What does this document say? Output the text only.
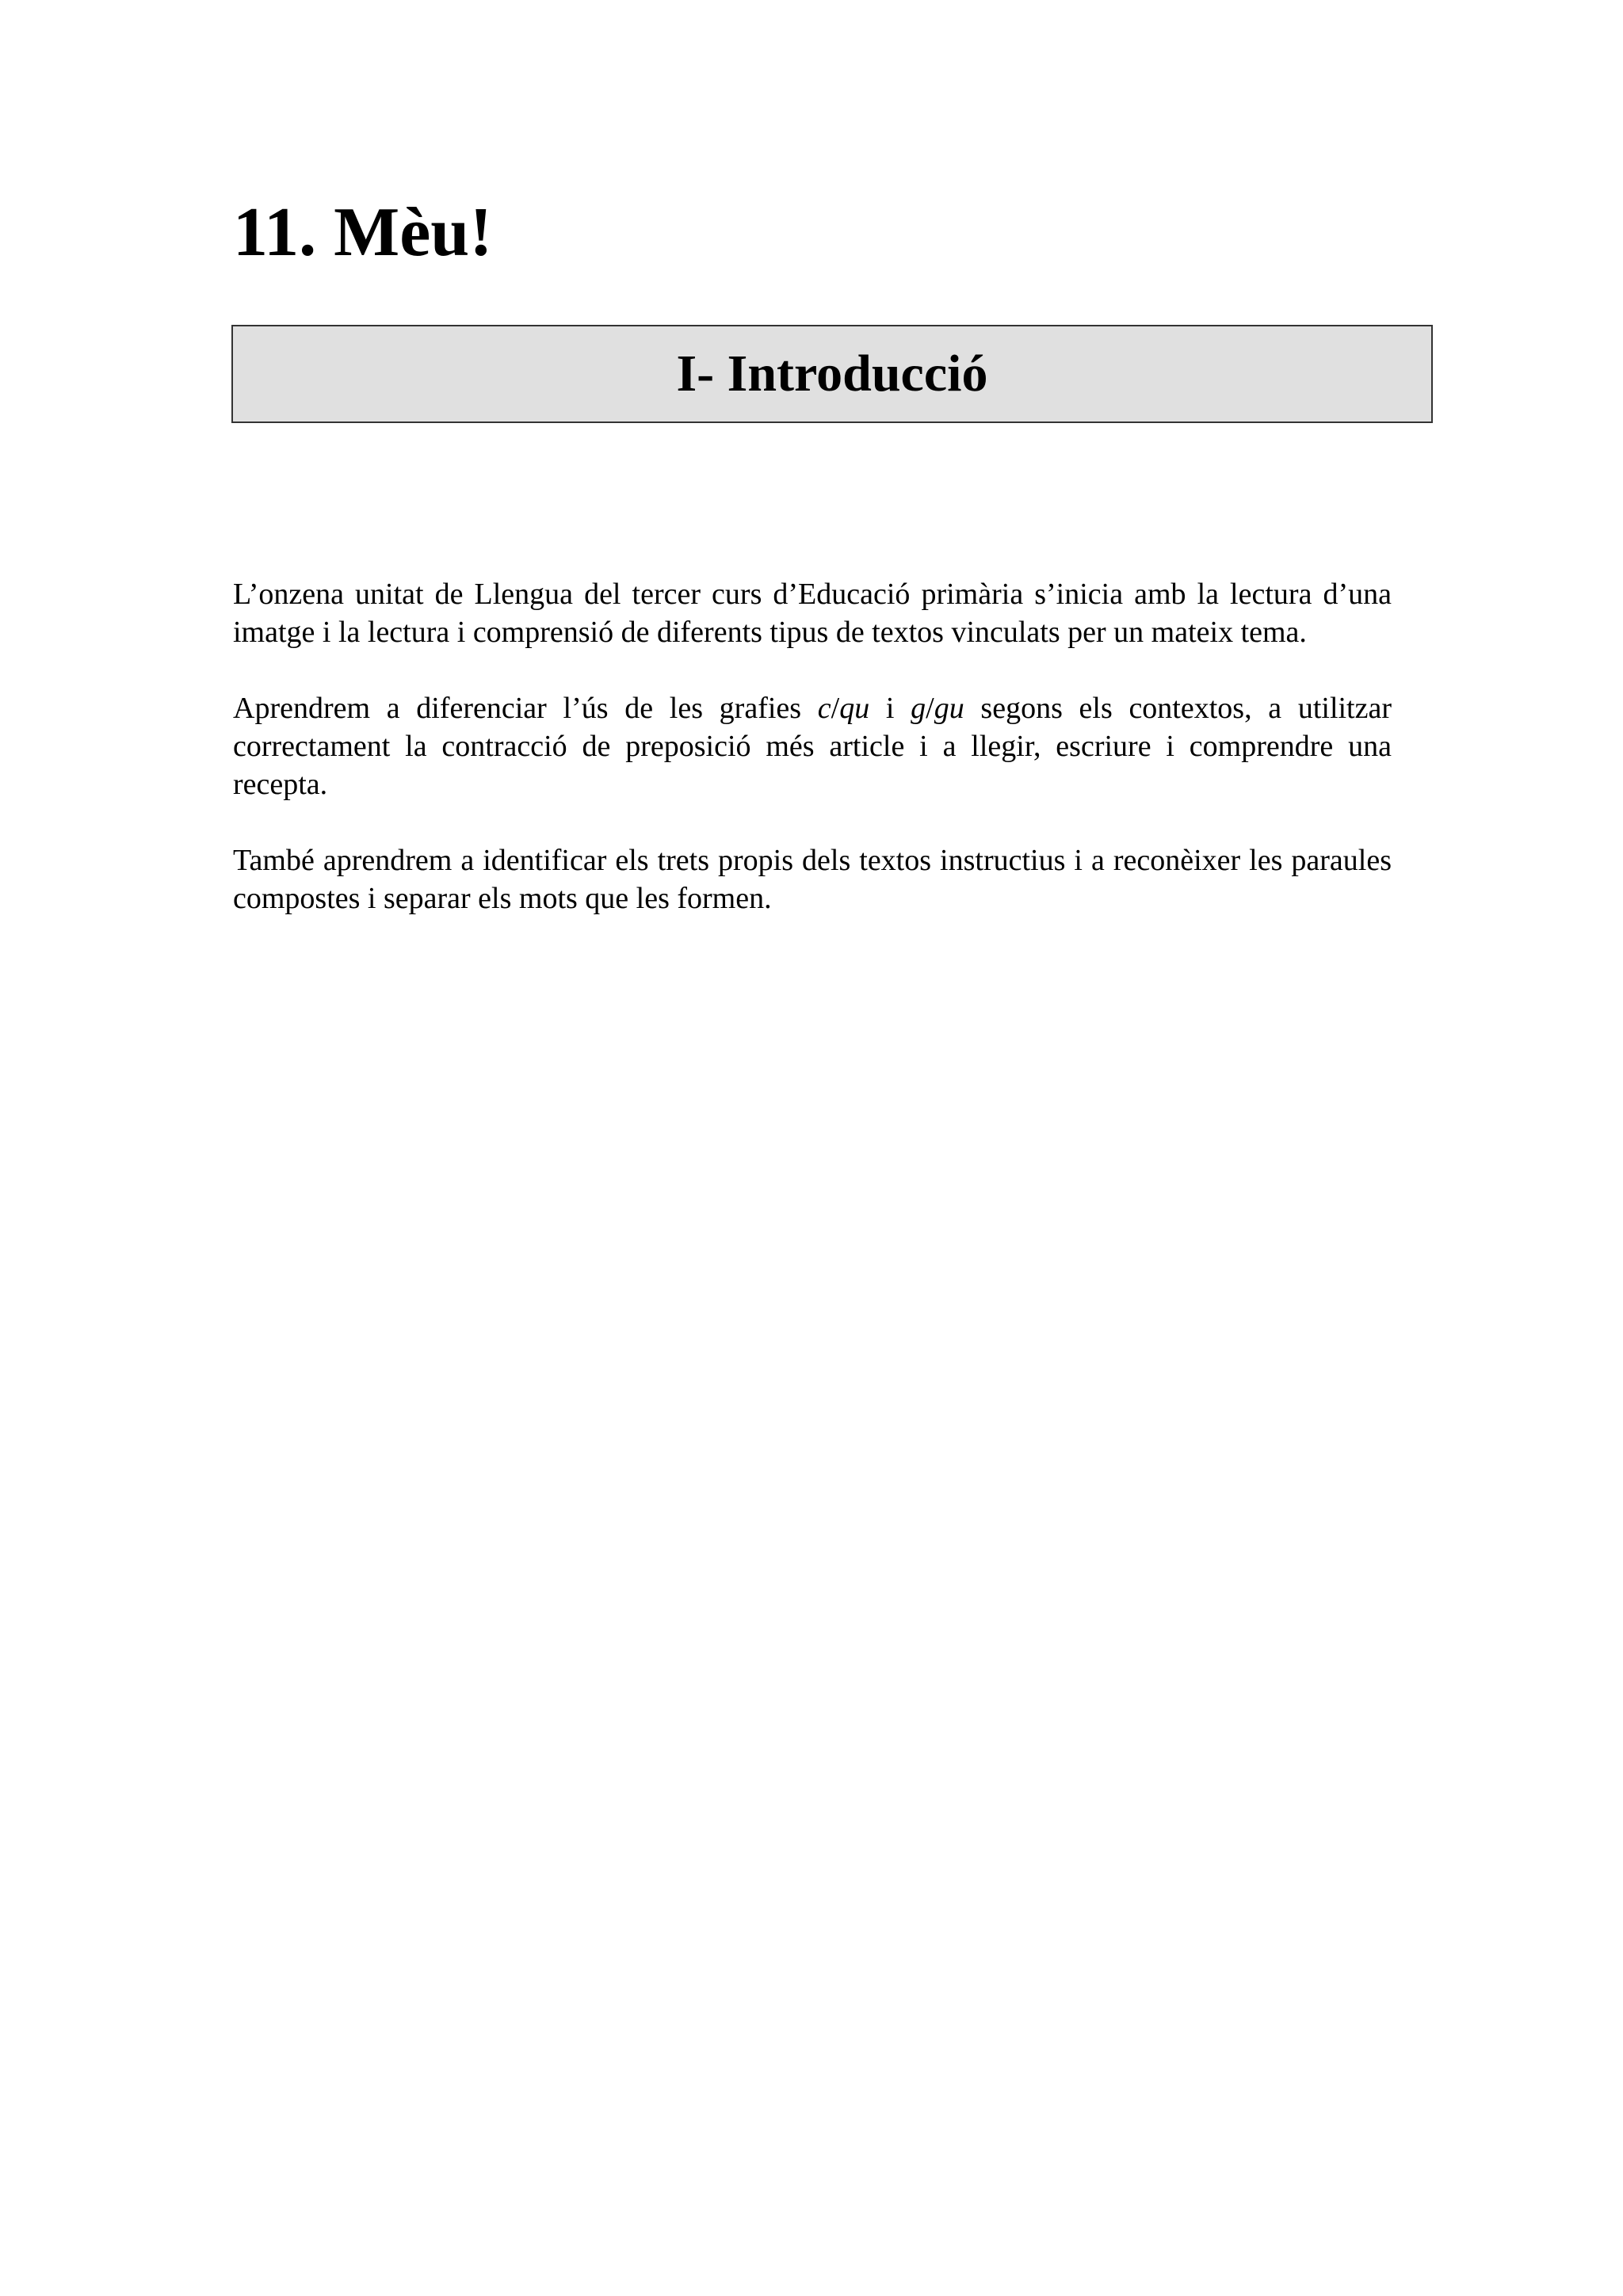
11. Mèu!
I- Introducció

L’onzena unitat de Llengua del tercer curs d’Educació primària s’inicia amb la lectura d’una imatge i la lectura i comprensió de diferents tipus de textos vinculats per un mateix tema.

Aprendrem a diferenciar l’ús de les grafies c/qu i g/gu segons els contextos, a utilitzar correctament la contracció de preposició més article i a llegir, escriure i comprendre una recepta.

També aprendrem a identificar els trets propis dels textos instructius i a reconèixer les paraules compostes i separar els mots que les formen.
